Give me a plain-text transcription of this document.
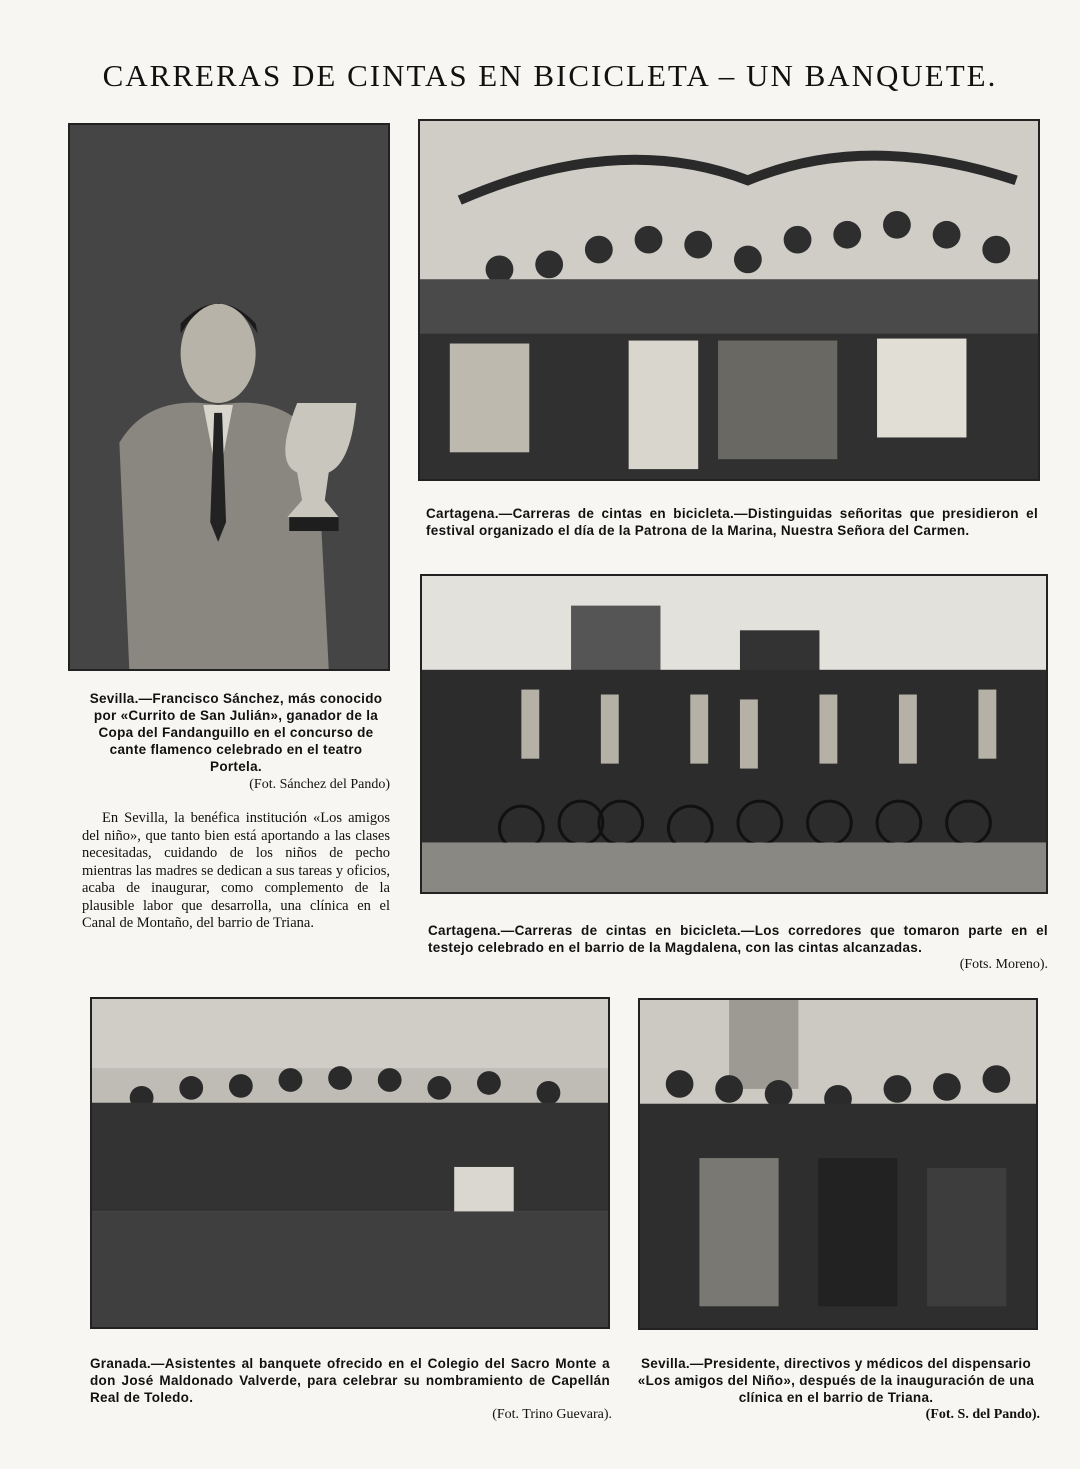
CARRERAS DE CINTAS EN BICICLETA – UN BANQUETE.
Sevilla.—Francisco Sánchez, más conocido por «Currito de San Julián», ganador de la Copa del Fandanguillo en el concurso de cante flamenco celebrado en el teatro Portela.
(Fot. Sánchez del Pando)
En Sevilla, la benéfica institución «Los amigos del niño», que tanto bien está aportando a las clases necesitadas, cuidando de los niños de pecho mientras las madres se dedican a sus tareas y oficios, acaba de inaugurar, como complemento de la plausible labor que desarrolla, una clínica en el Canal de Montaño, del barrio de Triana.
Cartagena.—Carreras de cintas en bicicleta.—Distinguidas señoritas que presidieron el festival organizado el día de la Patrona de la Marina, Nuestra Señora del Carmen.
Cartagena.—Carreras de cintas en bicicleta.—Los corredores que tomaron parte en el testejo celebrado en el barrio de la Magdalena, con las cintas alcanzadas.
(Fots. Moreno).
Granada.—Asistentes al banquete ofrecido en el Colegio del Sacro Monte a don José Maldonado Valverde, para celebrar su nombramiento de Capellán Real de Toledo.
(Fot. Trino Guevara).
Sevilla.—Presidente, directivos y médicos del dispensario «Los amigos del Niño», después de la inauguración de una clínica en el barrio de Triana.
(Fot. S. del Pando).
